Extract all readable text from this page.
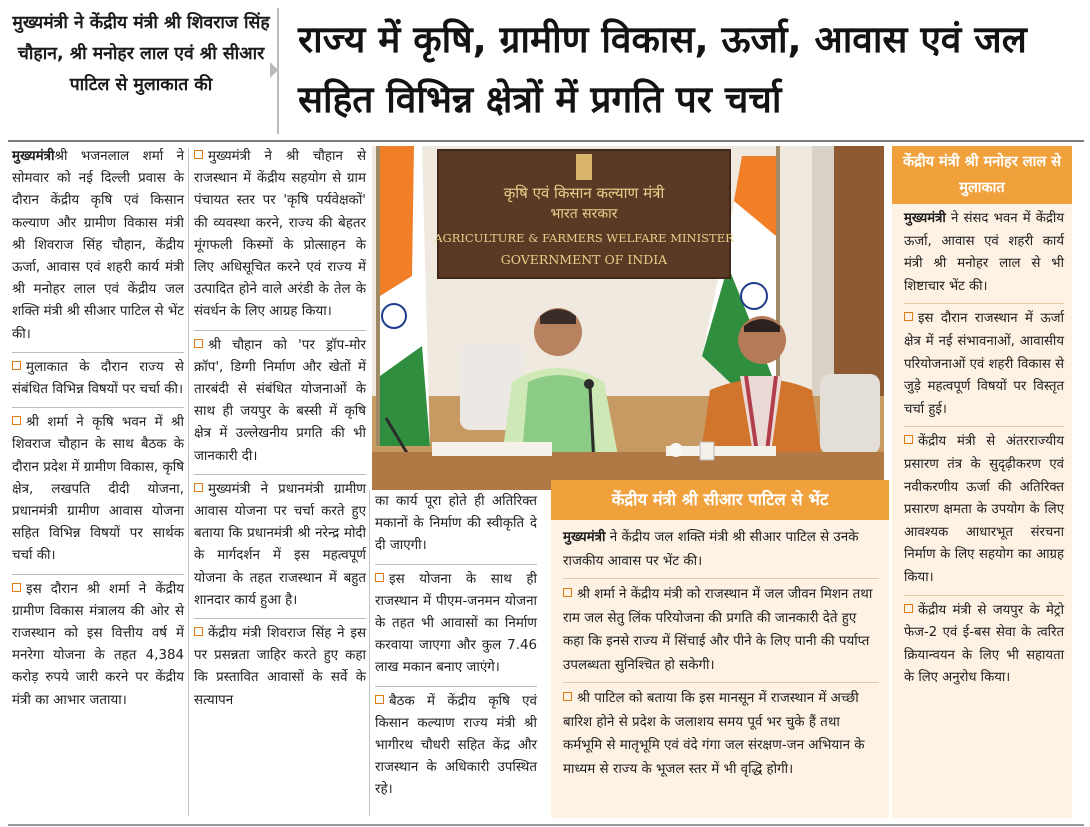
मुख्यमंत्री ने केंद्रीय मंत्री श्री शिवराज सिंह चौहान, श्री मनोहर लाल एवं श्री सीआर पाटिल से मुलाकात की
राज्य में कृषि, ग्रामीण विकास, ऊर्जा, आवास एवं जल सहित विभिन्न क्षेत्रों में प्रगति पर चर्चा

मुख्यमंत्रीश्री भजनलाल शर्मा ने सोमवार को नई दिल्ली प्रवास के दौरान केंद्रीय कृषि एवं किसान कल्याण और ग्रामीण विकास मंत्री श्री शिवराज सिंह चौहान, केंद्रीय ऊर्जा, आवास एवं शहरी कार्य मंत्री श्री मनोहर लाल एवं केंद्रीय जल शक्ति मंत्री श्री सीआर पाटिल से भेंट की।

मुलाकात के दौरान राज्य से संबंधित विभिन्न विषयों पर चर्चा की।

श्री शर्मा ने कृषि भवन में श्री शिवराज चौहान के साथ बैठक के दौरान प्रदेश में ग्रामीण विकास, कृषि क्षेत्र, लखपति दीदी योजना, प्रधानमंत्री ग्रामीण आवास योजना सहित विभिन्न विषयों पर सार्थक चर्चा की।

इस दौरान श्री शर्मा ने केंद्रीय ग्रामीण विकास मंत्रालय की ओर से राजस्थान को इस वित्तीय वर्ष में मनरेगा योजना के तहत 4,384 करोड़ रुपये जारी करने पर केंद्रीय मंत्री का आभार जताया।

मुख्यमंत्री ने श्री चौहान से राजस्थान में केंद्रीय सहयोग से ग्राम पंचायत स्तर पर 'कृषि पर्यवेक्षकों' की व्यवस्था करने, राज्य की बेहतर मूंगफली किस्मों के प्रोत्साहन के लिए अधिसूचित करने एवं राज्य में उत्पादित होने वाले अरंडी के तेल के संवर्धन के लिए आग्रह किया।

श्री चौहान को 'पर ड्रॉप-मोर क्रॉप', डिग्गी निर्माण और खेतों में तारबंदी से संबंधित योजनाओं के साथ ही जयपुर के बस्सी में कृषि क्षेत्र में उल्लेखनीय प्रगति की भी जानकारी दी।

मुख्यमंत्री ने प्रधानमंत्री ग्रामीण आवास योजना पर चर्चा करते हुए बताया कि प्रधानमंत्री श्री नरेन्द्र मोदी के मार्गदर्शन में इस महत्वपूर्ण योजना के तहत राजस्थान में बहुत शानदार कार्य हुआ है।

केंद्रीय मंत्री शिवराज सिंह ने इस पर प्रसन्नता जाहिर करते हुए कहा कि प्रस्तावित आवासों के सर्वे के सत्यापन

कृषि एवं किसान कल्याण मंत्री
भारत सरकार
AGRICULTURE & FARMERS WELFARE MINISTER
GOVERNMENT OF INDIA

का कार्य पूरा होते ही अतिरिक्त मकानों के निर्माण की स्वीकृति दे दी जाएगी।

इस योजना के साथ ही राजस्थान में पीएम-जनमन योजना के तहत भी आवासों का निर्माण करवाया जाएगा और कुल 7.46 लाख मकान बनाए जाएंगे।

बैठक में केंद्रीय कृषि एवं किसान कल्याण राज्य मंत्री श्री भागीरथ चौधरी सहित केंद्र और राजस्थान के अधिकारी उपस्थित रहे।

केंद्रीय मंत्री श्री सीआर पाटिल से भेंट

मुख्यमंत्री ने केंद्रीय जल शक्ति मंत्री श्री सीआर पाटिल से उनके राजकीय आवास पर भेंट की।

श्री शर्मा ने केंद्रीय मंत्री को राजस्थान में जल जीवन मिशन तथा राम जल सेतु लिंक परियोजना की प्रगति की जानकारी देते हुए कहा कि इनसे राज्य में सिंचाई और पीने के लिए पानी की पर्याप्त उपलब्धता सुनिश्चित हो सकेगी।

श्री पाटिल को बताया कि इस मानसून में राजस्थान में अच्छी बारिश होने से प्रदेश के जलाशय समय पूर्व भर चुके हैं तथा कर्मभूमि से मातृभूमि एवं वंदे गंगा जल संरक्षण-जन अभियान के माध्यम से राज्य के भूजल स्तर में भी वृद्धि होगी।

केंद्रीय मंत्री श्री मनोहर लाल से मुलाकात

मुख्यमंत्री ने संसद भवन में केंद्रीय ऊर्जा, आवास एवं शहरी कार्य मंत्री श्री मनोहर लाल से भी शिष्टाचार भेंट की।

इस दौरान राजस्थान में ऊर्जा क्षेत्र में नई संभावनाओं, आवासीय परियोजनाओं एवं शहरी विकास से जुड़े महत्वपूर्ण विषयों पर विस्तृत चर्चा हुई।

केंद्रीय मंत्री से अंतरराज्यीय प्रसारण तंत्र के सुदृढ़ीकरण एवं नवीकरणीय ऊर्जा की अतिरिक्त प्रसारण क्षमता के उपयोग के लिए आवश्यक आधारभूत संरचना निर्माण के लिए सहयोग का आग्रह किया।

केंद्रीय मंत्री से जयपुर के मेट्रो फेज-2 एवं ई-बस सेवा के त्वरित क्रियान्वयन के लिए भी सहायता के लिए अनुरोध किया।
